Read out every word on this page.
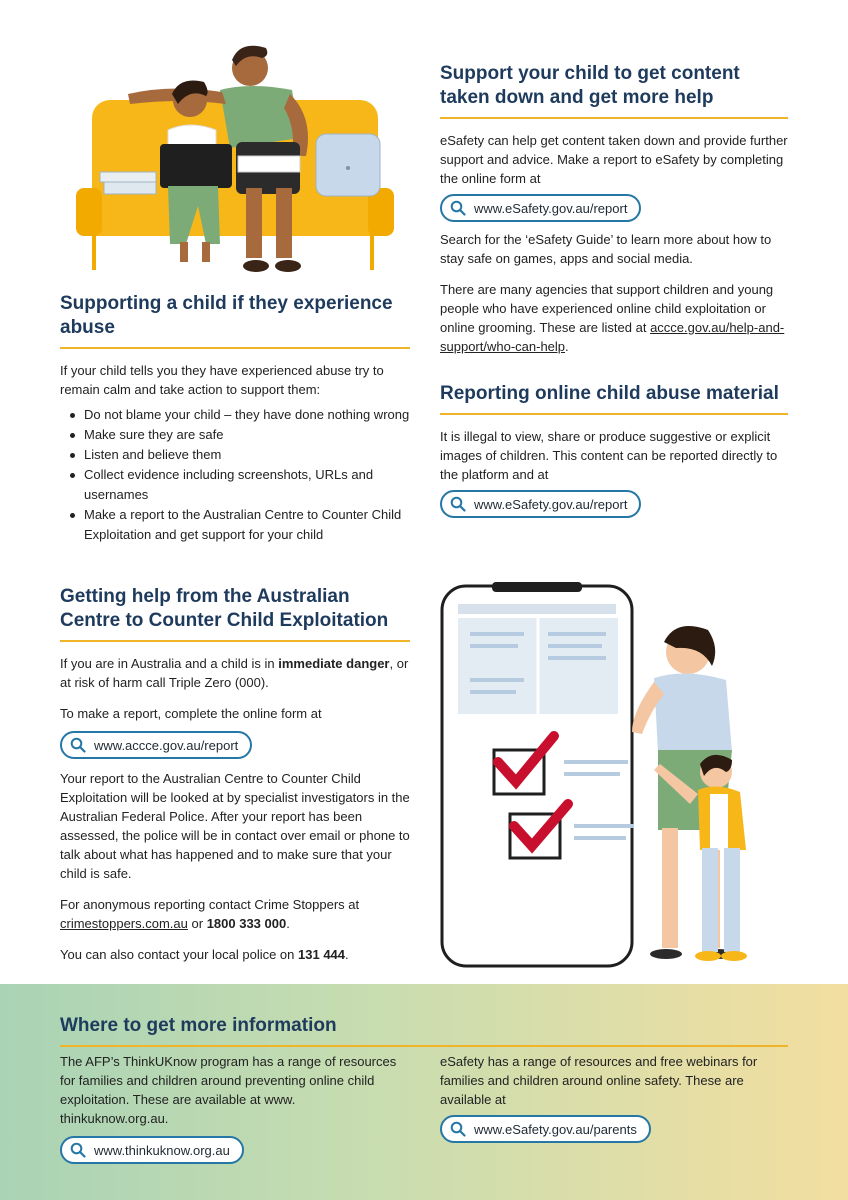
Supporting a child if they experience abuse

If your child tells you they have experienced abuse try to remain calm and take action to support them:

Do not blame your child – they have done nothing wrong
Make sure they are safe
Listen and believe them
Collect evidence including screenshots, URLs and usernames
Make a report to the Australian Centre to Counter Child Exploitation and get support for your child
Getting help from the Australian Centre to Counter Child Exploitation

If you are in Australia and a child is in immediate danger, or at risk of harm call Triple Zero (000).

To make a report, complete the online form at

www.accce.gov.au/report

Your report to the Australian Centre to Counter Child Exploitation will be looked at by specialist investigators in the Australian Federal Police. After your report has been assessed, the police will be in contact over email or phone to talk about what has happened and to make sure that your child is safe.

For anonymous reporting contact Crime Stoppers at crimestoppers.com.au or 1800 333 000.

You can also contact your local police on 131 444.

Support your child to get content taken down and get more help

eSafety can help get content taken down and provide further support and advice. Make a report to eSafety by completing the online form at

www.eSafety.gov.au/report

Search for the ‘eSafety Guide’ to learn more about how to stay safe on games, apps and social media.

There are many agencies that support children and young people who have experienced online child exploitation or online grooming. These are listed at accce.gov.au/help-and-support/who-can-help.

Reporting online child abuse material

It is illegal to view, share or produce suggestive or explicit images of children. This content can be reported directly to the platform and at

www.eSafety.gov.au/report
Where to get more information

The AFP’s ThinkUKnow program has a range of resources for families and children around preventing online child exploitation. These are available at www. thinkuknow.org.au.

www.thinkuknow.org.au

eSafety has a range of resources and free webinars for families and children around online safety. These are available at

www.eSafety.gov.au/parents
